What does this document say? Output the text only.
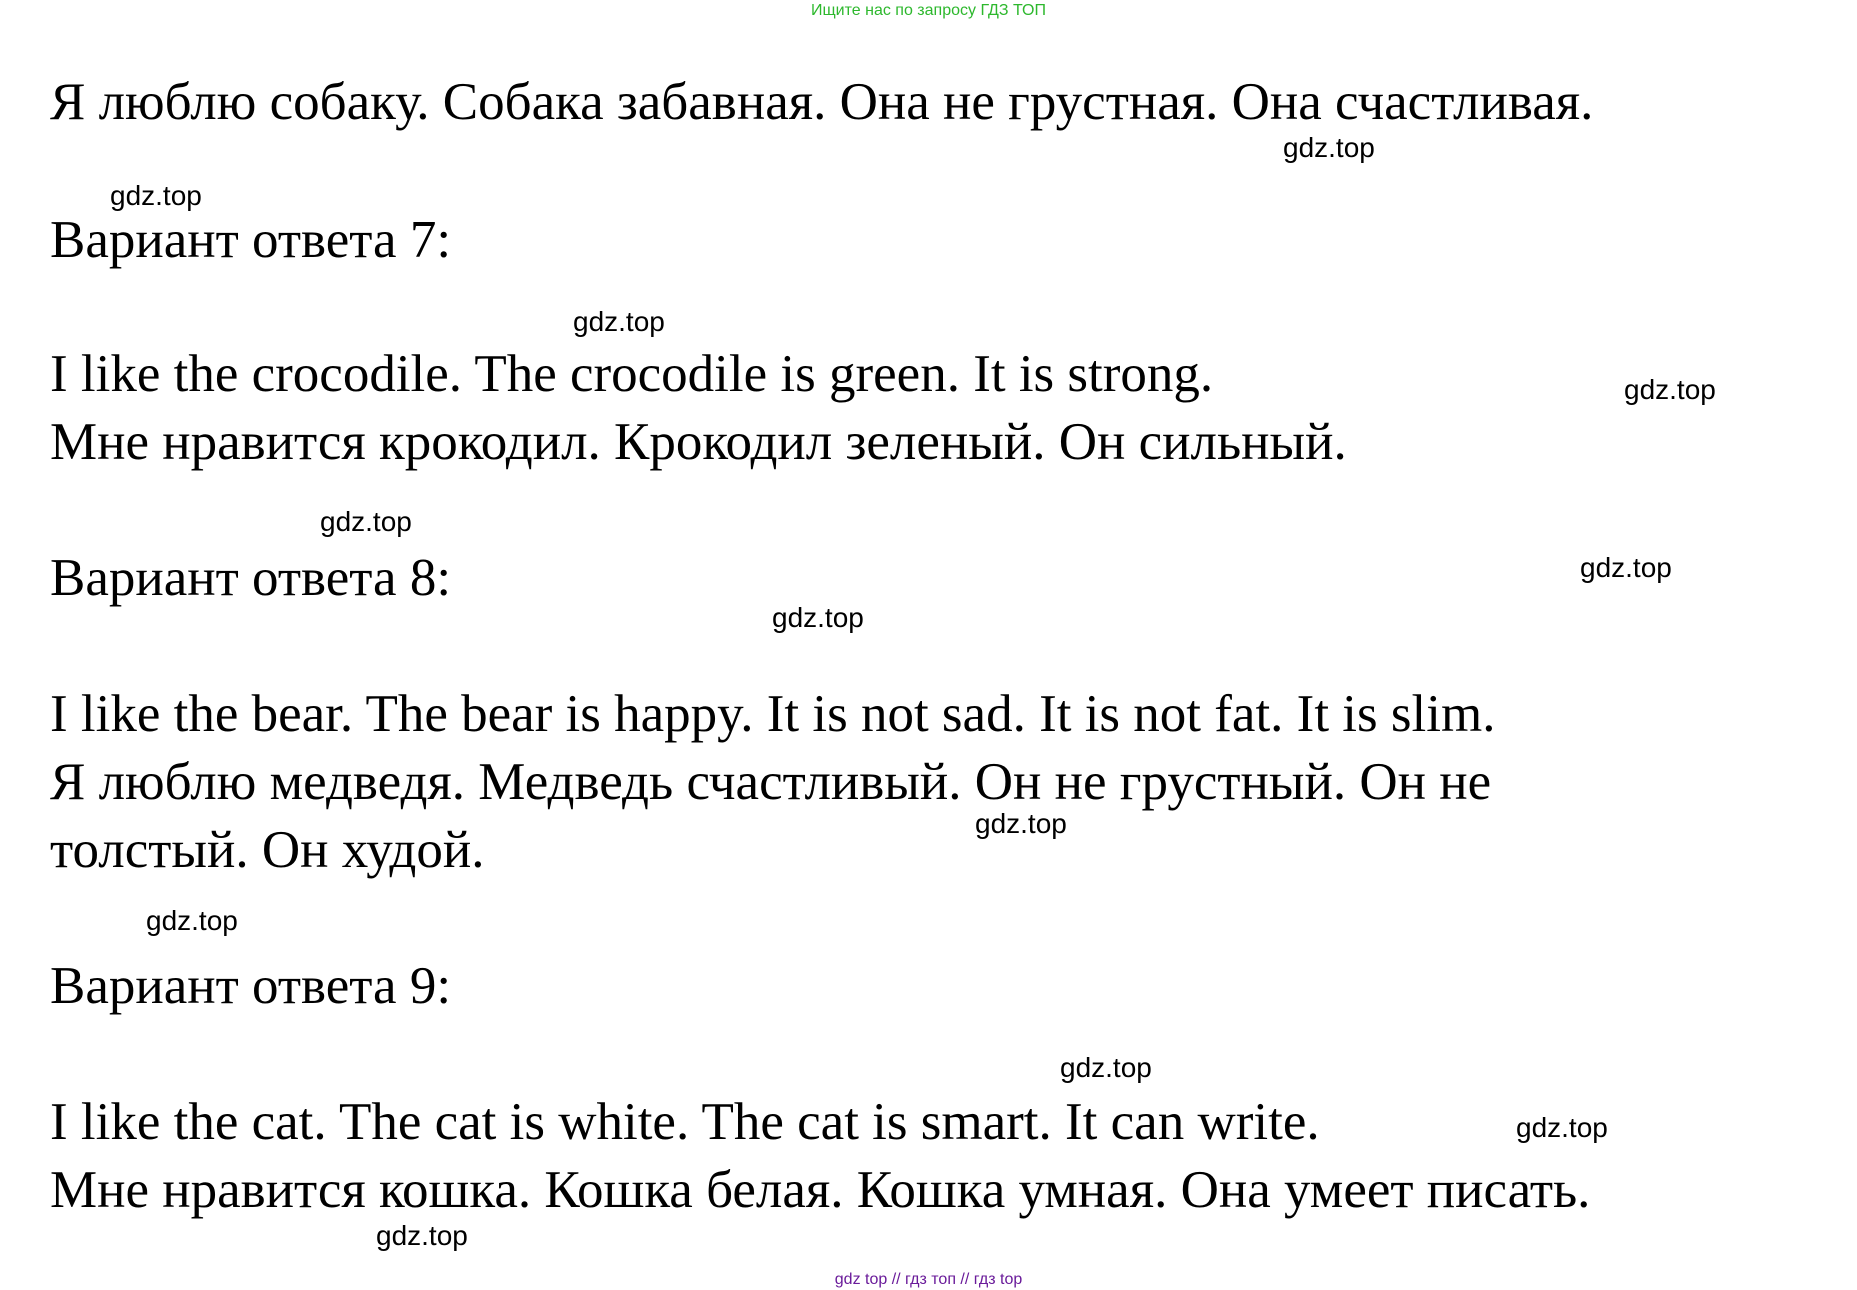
Ищите нас по запросу ГДЗ ТОП
Я люблю собаку. Собака забавная. Она не грустная. Она счастливая.
Вариант ответа 7:
I like the crocodile. The crocodile is green. It is strong.
Мне нравится крокодил. Крокодил зеленый. Он сильный.
Вариант ответа 8:
I like the bear. The bear is happy. It is not sad. It is not fat. It is slim.
Я люблю медведя. Медведь счастливый. Он не грустный. Он не
толстый. Он худой.
Вариант ответа 9:
I like the cat. The cat is white. The cat is smart. It can write.
Мне нравится кошка. Кошка белая. Кошка умная. Она умеет писать.
gdz.top
gdz.top
gdz.top
gdz.top
gdz.top
gdz.top
gdz.top
gdz.top
gdz.top
gdz.top
gdz.top
gdz.top
gdz top // гдз топ // гдз top
